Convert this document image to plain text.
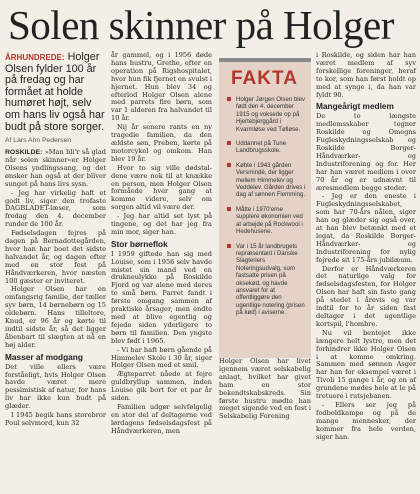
Solen skinner på Holger
ÅRHUNDREDE: Holger Olsen fylder 100 år på fredag og har formået at holde humøret højt, selv om hans liv også har budt på store sorger.
Af Lars Ahn Pedersen

ROSKILDE: »Man bli'r så glad når solen skinner«er Holger Olsens yndlingssang, og det ønsker han også at der bliver sunget på hans livs sysn.

- Jeg har virkelig haft et godt liv, siger den trofaste DAGBLADET-læser, som fredag den 4. december runder de 100 år.

Fødselsdagen fejres på dagen på Bernadottegården, hvor han har boet det sidste halvandet år, og dagen efter med en stor fest på Håndværkeren, hvor næsten 100 gæster er inviteret.

Holger Olsen har en omfangsrig familie, der tæller syv børn, 14 børnebørn og 15 oldebørn. Hans tilleltore, Knud, er 96 år og kørte til indtil sidste år, så det ligger åbenbart til slægten at nå en høj alder.

Masser af modgang

Det ville ellers være forståeligt, hvis Holger Olsen havde været mere pessimistisk af natur, for hans liv har ikke kun budt på glæder.

I 1945 begik hans storebror Poul selvmord, kun 32

år gammel, og i 1956 døde hans hustru, Grethe, efter en operation på Rigshospitalet, hvor hun fik fjernet en svulst i hjernet. Hun blev 34 og efterlod Holger Olsen alene med parrets fire børn, som var 1 alderen fra halvandet til 10 år.

Nij år senere rants en ny tragedie familien, da den ældste søn, Preben, kørte på motorcykel og omkom. Han blev 19 år.

Hvor to sig ville dødstal- dene være nok til at knække en person, men Holger Olsen formåede hver gang at komme videre, selv om sorgen altid vil være der.

- Jeg har altid set lyst på tingene, og det har jeg fra min mor, siger han.

Stor børneflok

I 1959 giftede han sig med Louise, som i 1956 selv havde mistet sin mand ved en drukneulykke på Roskilde Fjord og var alene med deres to små børn. Parret fandt i første omgang sammen af praktiske årsager, men endte med at blive egentlig og fejede siden yderligere to børn til familien. Den yngste blev født i 1965.

- Vi har haft børn gående på Himmelev Skole i 30 år, siger Holger Olsen med et smil.

Ægteparret nåede at fejre guldbryllup sammen, inden Louise gik bort for et par år siden.

Familien udgør selvfølgelig en stor del af deltagerne ved lørdagens fødselsdagsfest på Håndværkeren, men

FAKTA
Holger Jørgen Olsen blev født den 4. december 1915 og voksede op på Hjertebjerggård i Kvarmløse ved Tølløse.
Uddannet på Tune Landbrugsskole.
Købte i 1943 gården Versmindé, der ligger mellem Himmelev og Veddelev. Gården drives i dag af sønnen Flemming.
Måtte i 1970'erne supplere økonomien ved at arbejde på Rockwool i Hedehusene.
Var i 15 år landbrugets repræsentant i Danske Slagteriers Noteringsudvalg, som fastsatte prisen på oksekød, og havde ansvaret for at offentliggøre den ugentlige notering (prisen på kød) i aviserne.

Holger Olsen har livet igennem været selskabelig anlagt, hvilket har givet ham en stor bekendtskabskreds. Sin første hustru mødte han meget sigende ved en fest i Selskabelig Forening

i Roskilde, og siden har han været medlem af syv forskellige foreninger, heraf to kor, som han først holdt op med at synge i, da han var fyldt 90.

Mangeårigt medlem

De to længste medlemsskaber tegner Roskilde og Omegns Fugleskydningsselskab og Roskilde Borger-Håndværker- og Industriforening og for. Her har han været medlem i over 70 år og er udnævnt til æresmedlem begge steder.

- Jeg er den eneste i Fugleskydningsselskabet, som har 70-års nålen, siger han og glæder sig også over, at han blev betænkt med et legat, da Roskilde Borger-Håndværker- og Industriforening for nylig fejrede sit 175-års jubilæum.

Derfor er Håndværkeren det naturlige valg for fødselsdagsfesten, for Holger Olsen har haft sin faste gang på stedet i årevis og var indtil for to år siden fast deltager i det ugentlige kortspil, l'hombre.

Nu vil bentejet ikke længere helt lystre, men det forhindrer ikke Holger Olsen i at komme omkring. Sammen med sønnen Asger har han for eksempel været i Tivoli 15 gange i år, og en af grundene mødes hele at le på tretuere i rutsjebanen.

- Ellers ser jeg på fodboldkampe og på de mange mennesker, der kommer fra hele verden, siger han.
